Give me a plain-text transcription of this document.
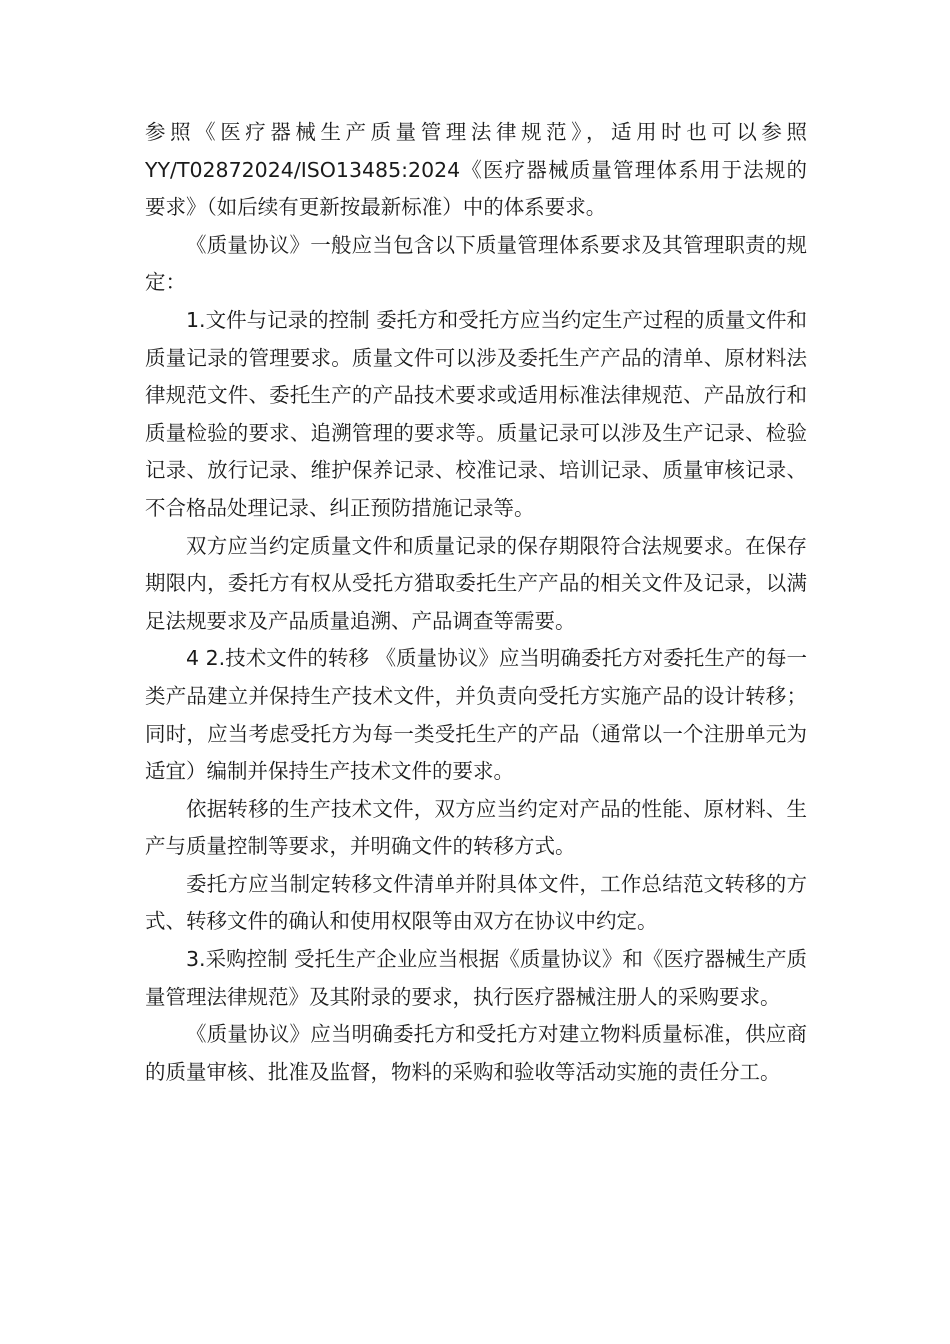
参照《医疗器械生产质量管理法律规范》，适用时也可以参照YY/T02872024/ISO13485:2024《医疗器械质量管理体系用于法规的要求》（如后续有更新按最新标准）中的体系要求。

《质量协议》一般应当包含以下质量管理体系要求及其管理职责的规定：

1.文件与记录的控制 委托方和受托方应当约定生产过程的质量文件和质量记录的管理要求。质量文件可以涉及委托生产产品的清单、原材料法律规范文件、委托生产的产品技术要求或适用标准法律规范、产品放行和质量检验的要求、追溯管理的要求等。质量记录可以涉及生产记录、检验记录、放行记录、维护保养记录、校准记录、培训记录、质量审核记录、不合格品处理记录、纠正预防措施记录等。

双方应当约定质量文件和质量记录的保存期限符合法规要求。在保存期限内，委托方有权从受托方猎取委托生产产品的相关文件及记录，以满足法规要求及产品质量追溯、产品调查等需要。

4 2.技术文件的转移 《质量协议》应当明确委托方对委托生产的每一类产品建立并保持生产技术文件，并负责向受托方实施产品的设计转移；同时，应当考虑受托方为每一类受托生产的产品（通常以一个注册单元为适宜）编制并保持生产技术文件的要求。

依据转移的生产技术文件，双方应当约定对产品的性能、原材料、生产与质量控制等要求，并明确文件的转移方式。

委托方应当制定转移文件清单并附具体文件，工作总结范文转移的方式、转移文件的确认和使用权限等由双方在协议中约定。

3.采购控制 受托生产企业应当根据《质量协议》和《医疗器械生产质量管理法律规范》及其附录的要求，执行医疗器械注册人的采购要求。

《质量协议》应当明确委托方和受托方对建立物料质量标准，供应商的质量审核、批准及监督，物料的采购和验收等活动实施的责任分工。
